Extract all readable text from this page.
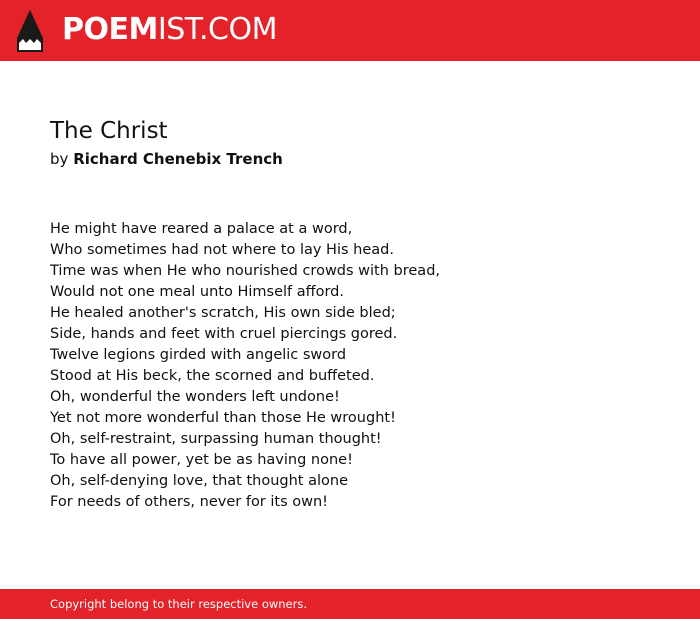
POEMIST.COM
The Christ
by Richard Chenebix Trench
He might have reared a palace at a word,
Who sometimes had not where to lay His head.
Time was when He who nourished crowds with bread,
Would not one meal unto Himself afford.
He healed another's scratch, His own side bled;
Side, hands and feet with cruel piercings gored.
Twelve legions girded with angelic sword
Stood at His beck, the scorned and buffeted.
Oh, wonderful the wonders left undone!
Yet not more wonderful than those He wrought!
Oh, self-restraint, surpassing human thought!
To have all power, yet be as having none!
Oh, self-denying love, that thought alone
For needs of others, never for its own!
Copyright belong to their respective owners.
